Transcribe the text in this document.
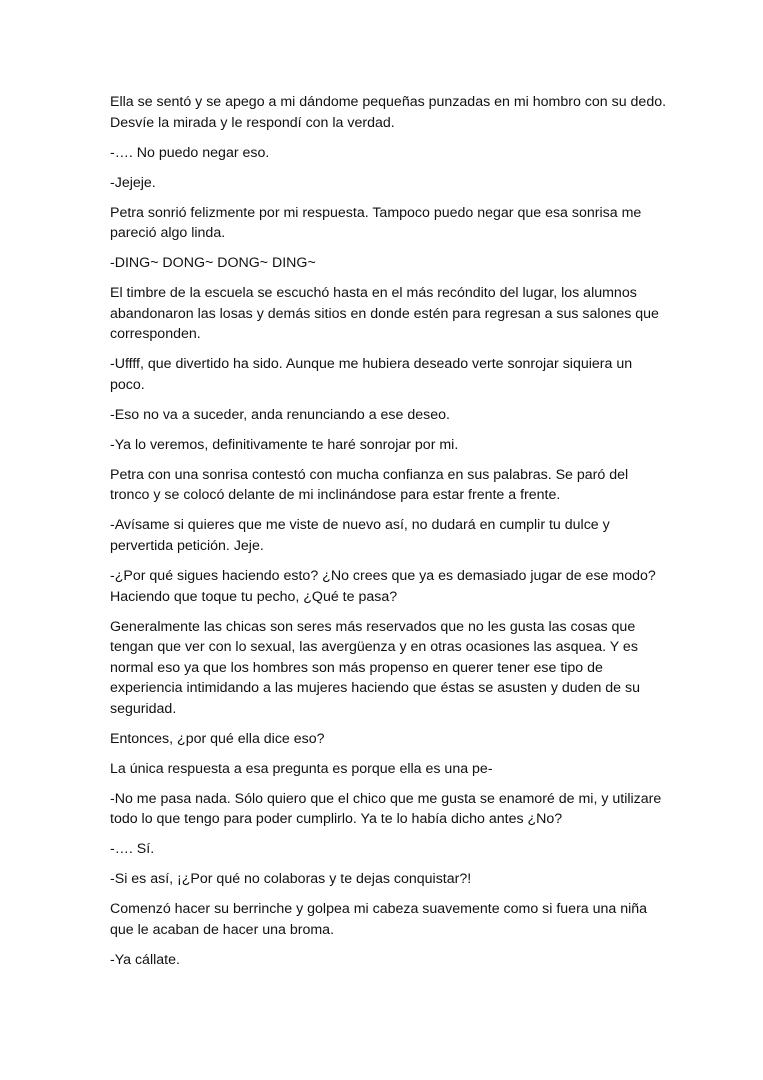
Ella se sentó y se apego a mi dándome pequeñas punzadas en mi hombro con su dedo. Desvíe la mirada y le respondí con la verdad.

-…. No puedo negar eso.

-Jejeje.

Petra sonrió felizmente por mi respuesta. Tampoco puedo negar que esa sonrisa me pareció algo linda.

-DING~ DONG~ DONG~ DING~

El timbre de la escuela se escuchó hasta en el más recóndito del lugar, los alumnos abandonaron las losas y demás sitios en donde estén para regresan a sus salones que corresponden.

-Uffff, que divertido ha sido. Aunque me hubiera deseado verte sonrojar siquiera un poco.

-Eso no va a suceder, anda renunciando a ese deseo.

-Ya lo veremos, definitivamente te haré sonrojar por mi.

Petra con una sonrisa contestó con mucha confianza en sus palabras. Se paró del tronco y se colocó delante de mi inclinándose para estar frente a frente.

-Avísame si quieres que me viste de nuevo así, no dudará en cumplir tu dulce y pervertida petición. Jeje.

-¿Por qué sigues haciendo esto? ¿No crees que ya es demasiado jugar de ese modo? Haciendo que toque tu pecho, ¿Qué te pasa?

Generalmente las chicas son seres más reservados que no les gusta las cosas que tengan que ver con lo sexual, las avergüenza y en otras ocasiones las asquea. Y es normal eso ya que los hombres son más propenso en querer tener ese tipo de experiencia intimidando a las mujeres haciendo que éstas se asusten y duden de su seguridad.

Entonces, ¿por qué ella dice eso?

La única respuesta a esa pregunta es porque ella es una pe-

-No me pasa nada. Sólo quiero que el chico que me gusta se enamoré de mi, y utilizare todo lo que tengo para poder cumplirlo. Ya te lo había dicho antes ¿No?

-…. Sí.

-Si es así, ¡¿Por qué no colaboras y te dejas conquistar?!

Comenzó hacer su berrinche y golpea mi cabeza suavemente como si fuera una niña que le acaban de hacer una broma.

-Ya cállate.
